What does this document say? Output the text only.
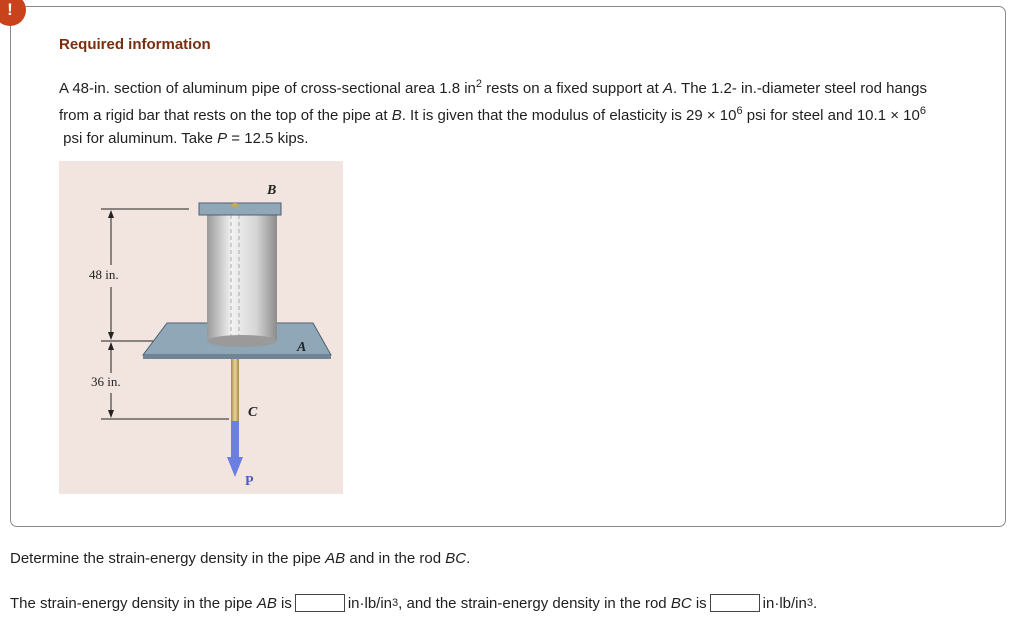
!
Required information

A 48-in. section of aluminum pipe of cross-sectional area 1.8 $in^2$ rests on a fixed support at A. The 1.2- in.-diameter steel rod hangs from a rigid bar that rests on the top of the pipe at B. It is given that the modulus of elasticity is $29 \times 10^6$ psi for steel and $10.1 \times 10^6$ psi for aluminum. Take P = 12.5 kips.

48 in.
36 in.
B
A
C
P

Determine the strain-energy density in the pipe AB and in the rod BC.

The strain-energy density in the pipe AB is	in·lb/in 3 , and the strain-energy density in the rod BC is	in·lb/in 3 .
